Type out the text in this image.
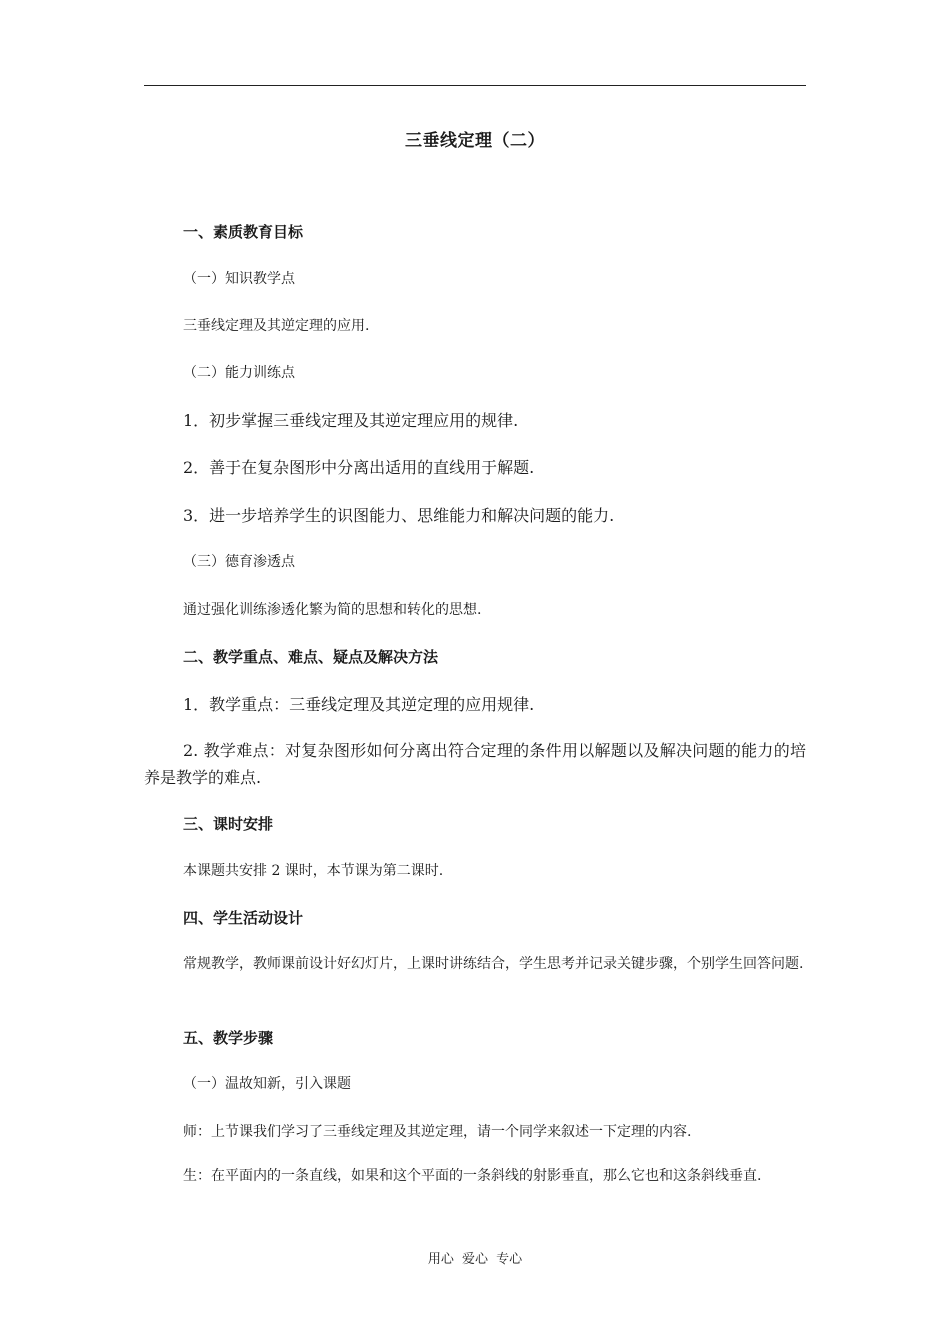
三垂线定理（二）
一、素质教育目标
（一）知识教学点
三垂线定理及其逆定理的应用.
（二）能力训练点
1．初步掌握三垂线定理及其逆定理应用的规律.
2．善于在复杂图形中分离出适用的直线用于解题.
3．进一步培养学生的识图能力、思维能力和解决问题的能力.
（三）德育渗透点
通过强化训练渗透化繁为简的思想和转化的思想.
二、教学重点、难点、疑点及解决方法
1．教学重点：三垂线定理及其逆定理的应用规律.
2. 教学难点：对复杂图形如何分离出符合定理的条件用以解题以及解决问题的能力的培养是教学的难点.
三、课时安排
本课题共安排 2 课时，本节课为第二课时.
四、学生活动设计
常规教学，教师课前设计好幻灯片，上课时讲练结合，学生思考并记录关键步骤，个别学生回答问题.
五、教学步骤
（一）温故知新，引入课题
师：上节课我们学习了三垂线定理及其逆定理，请一个同学来叙述一下定理的内容.
生：在平面内的一条直线，如果和这个平面的一条斜线的射影垂直，那么它也和这条斜线垂直.
用心 爱心 专心
